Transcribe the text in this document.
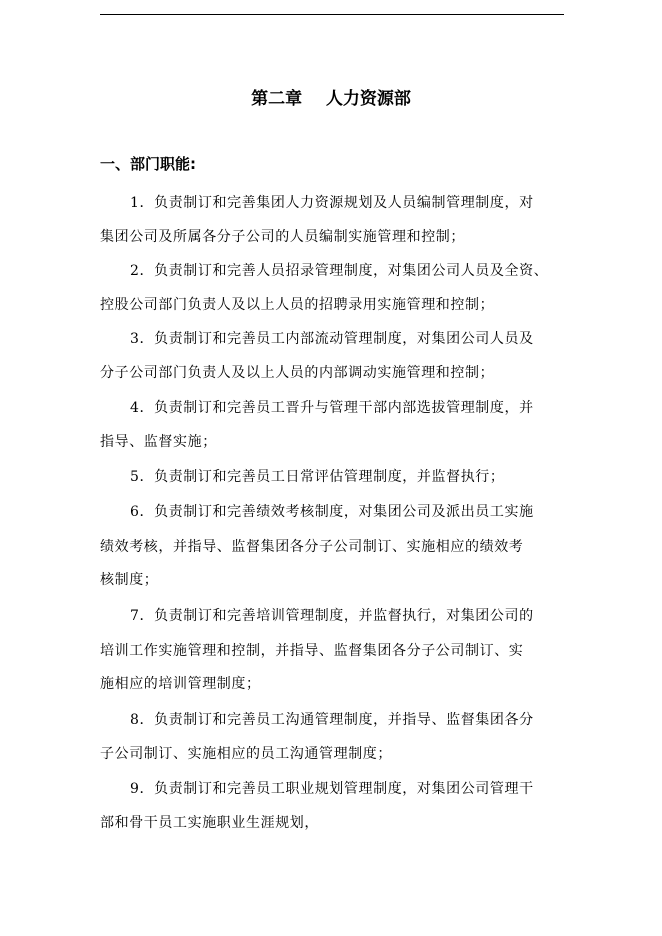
第二章    人力资源部
一、部门职能:
1．负责制订和完善集团人力资源规划及人员编制管理制度，对
集团公司及所属各分子公司的人员编制实施管理和控制；
2．负责制订和完善人员招录管理制度，对集团公司人员及全资、
控股公司部门负责人及以上人员的招聘录用实施管理和控制；
3．负责制订和完善员工内部流动管理制度，对集团公司人员及
分子公司部门负责人及以上人员的内部调动实施管理和控制；
4．负责制订和完善员工晋升与管理干部内部选拔管理制度，并
指导、监督实施；
5．负责制订和完善员工日常评估管理制度，并监督执行；
6．负责制订和完善绩效考核制度，对集团公司及派出员工实施
绩效考核，并指导、监督集团各分子公司制订、实施相应的绩效考
核制度；
7．负责制订和完善培训管理制度，并监督执行，对集团公司的
培训工作实施管理和控制，并指导、监督集团各分子公司制订、实
施相应的培训管理制度；
8．负责制订和完善员工沟通管理制度，并指导、监督集团各分
子公司制订、实施相应的员工沟通管理制度；
9．负责制订和完善员工职业规划管理制度，对集团公司管理干
部和骨干员工实施职业生涯规划，
